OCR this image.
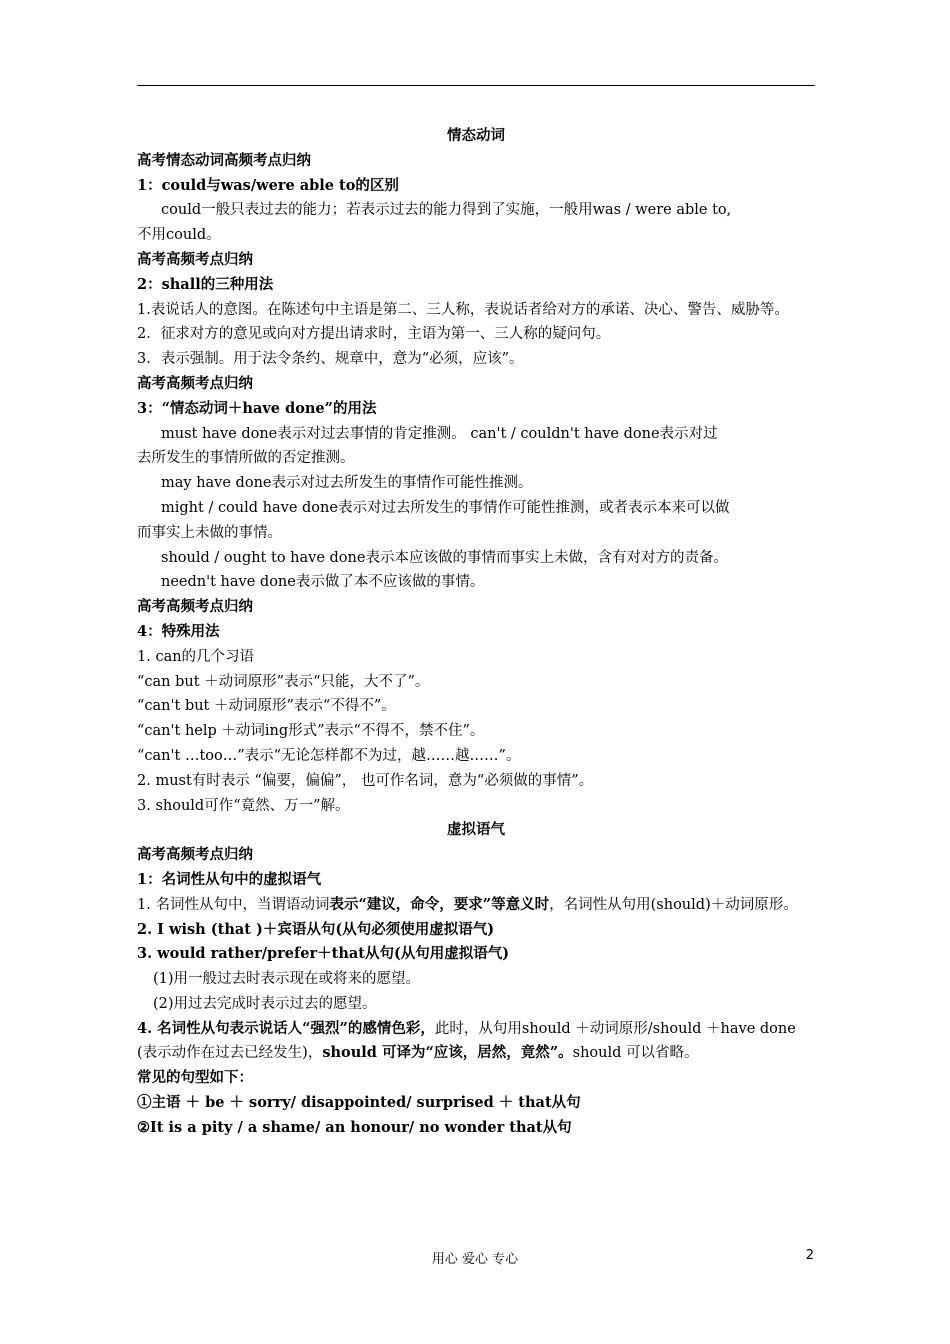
情态动词
高考情态动词高频考点归纳
1：could与was/were able to的区别
could一般只表过去的能力；若表示过去的能力得到了实施，一般用was / were able to,
不用could。
高考高频考点归纳
2：shall的三种用法
1.表说话人的意图。在陈述句中主语是第二、三人称，表说话者给对方的承诺、决心、警告、威胁等。
2．征求对方的意见或向对方提出请求时，主语为第一、三人称的疑问句。
3．表示强制。用于法令条约、规章中，意为“必须，应该”。
高考高频考点归纳
3：“情态动词＋have done”的用法
must have done表示对过去事情的肯定推测。 can't / couldn't have done表示对过
去所发生的事情所做的否定推测。
may have done表示对过去所发生的事情作可能性推测。
might / could have done表示对过去所发生的事情作可能性推测，或者表示本来可以做
而事实上未做的事情。
should / ought to have done表示本应该做的事情而事实上未做，含有对对方的责备。
needn't have done表示做了本不应该做的事情。
高考高频考点归纳
4：特殊用法
1. can的几个习语
“can but ＋动词原形”表示“只能，大不了”。
“can't but ＋动词原形”表示“不得不”。
“can't help ＋动词ing形式”表示“不得不，禁不住”。
“can't …too…”表示“无论怎样都不为过，越……越……”。
2. must有时表示 “偏要，偏偏”， 也可作名词，意为“必须做的事情”。
3. should可作“竟然、万一”解。
虚拟语气
高考高频考点归纳
1：名词性从句中的虚拟语气
1. 名词性从句中，当谓语动词表示“建议，命令，要求”等意义时，名词性从句用(should)＋动词原形。
2. I wish (that )＋宾语从句(从句必须使用虚拟语气)
3. would rather/prefer＋that从句(从句用虚拟语气)
(1)用一般过去时表示现在或将来的愿望。
(2)用过去完成时表示过去的愿望。
4. 名词性从句表示说话人“强烈”的感情色彩，此时，从句用should ＋动词原形/should ＋have done (表示动作在过去已经发生)，should 可译为“应该，居然，竟然”。should 可以省略。
常见的句型如下：
①主语 ＋ be ＋ sorry/ disappointed/ surprised ＋ that从句
②It is a pity / a shame/ an honour/ no wonder that从句
用心 爱心 专心	2
